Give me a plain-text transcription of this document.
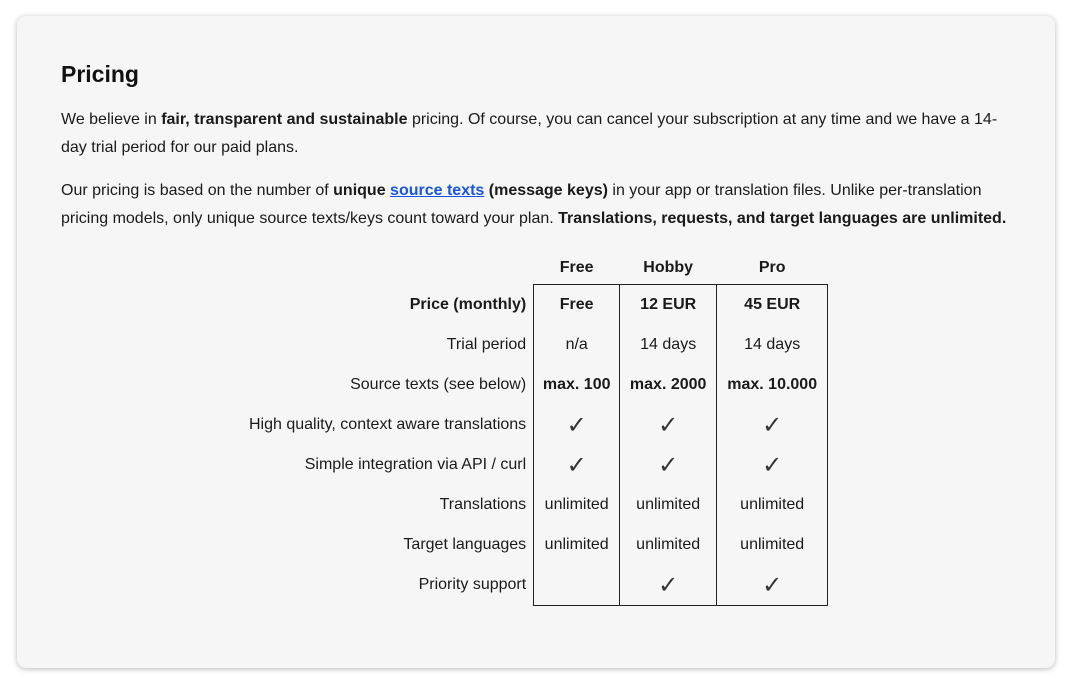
Pricing

We believe in fair, transparent and sustainable pricing. Of course, you can cancel your subscription at any time and we have a 14-day trial period for our paid plans.

Our pricing is based on the number of unique source texts (message keys) in your app or translation files. Unlike per-translation pricing models, only unique source texts/keys count toward your plan. Translations, requests, and target languages are unlimited.

	Free	Hobby	Pro
Price (monthly)	Free	12 EUR	45 EUR
Trial period	n/a	14 days	14 days
Source texts (see below)	max. 100	max. 2000	max. 10.000
High quality, context aware translations	✓	✓	✓
Simple integration via API / curl	✓	✓	✓
Translations	unlimited	unlimited	unlimited
Target languages	unlimited	unlimited	unlimited
Priority support		✓	✓
